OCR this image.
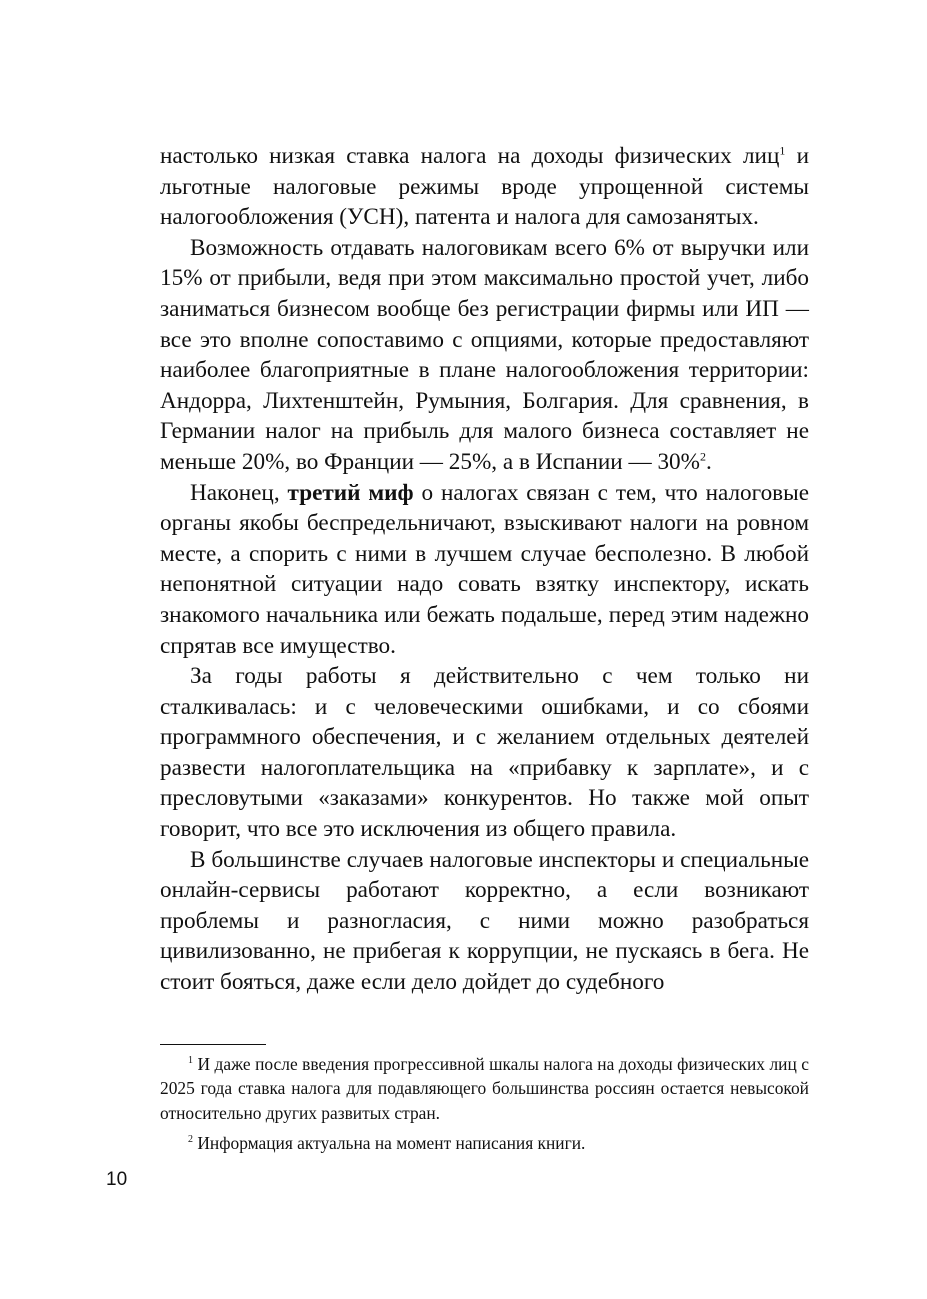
настолько низкая ставка налога на доходы физических лиц$^1$ и льготные налоговые режимы вроде упрощенной системы налогообложения (УСН), патента и налога для самозанятых.

Возможность отдавать налоговикам всего 6% от выручки или 15% от прибыли, ведя при этом максимально простой учет, либо заниматься бизнесом вообще без регистрации фирмы или ИП — все это вполне сопоставимо с опциями, которые предоставляют наиболее благоприятные в плане налогообложения территории: Андорра, Лихтенштейн, Румыния, Болгария. Для сравнения, в Германии налог на прибыль для малого бизнеса составляет не меньше 20%, во Франции — 25%, а в Испании — 30%$^2$.

Наконец, третий миф о налогах связан с тем, что налоговые органы якобы беспредельничают, взыскивают налоги на ровном месте, а спорить с ними в лучшем случае бесполезно. В любой непонятной ситуации надо совать взятку инспектору, искать знакомого начальника или бежать подальше, перед этим надежно спрятав все имущество.

За годы работы я действительно с чем только ни сталкивалась: и с человеческими ошибками, и со сбоями программного обеспечения, и с желанием отдельных деятелей развести налогоплательщика на «прибавку к зарплате», и с пресловутыми «заказами» конкурентов. Но также мой опыт говорит, что все это исключения из общего правила.

В большинстве случаев налоговые инспекторы и специальные онлайн-сервисы работают корректно, а если возникают проблемы и разногласия, с ними можно разобраться цивилизованно, не прибегая к коррупции, не пускаясь в бега. Не стоит бояться, даже если дело дойдет до судебного

$^1$ И даже после введения прогрессивной шкалы налога на доходы физических лиц с 2025 года ставка налога для подавляющего большинства россиян остается невысокой относительно других развитых стран.

$^2$ Информация актуальна на момент написания книги.

10
